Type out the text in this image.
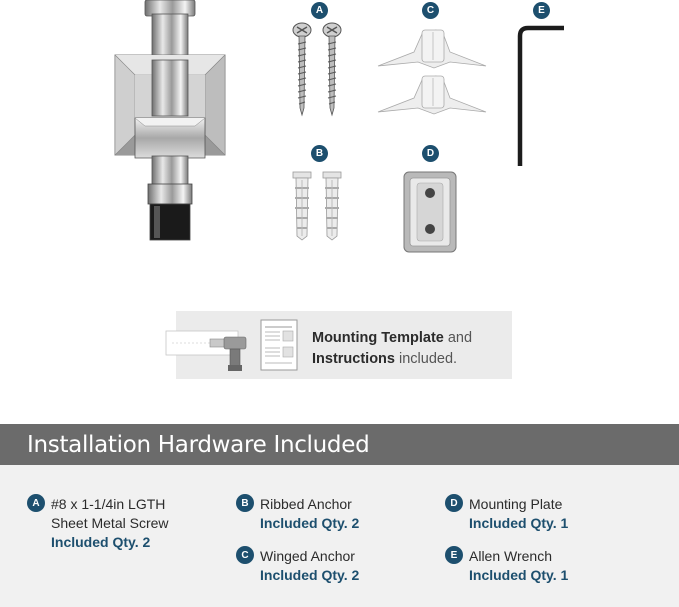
A
B
C
D
E
Mounting Template and
Instructions included.
Installation Hardware Included
A #8 x 1-1/4in LGTH
Sheet Metal Screw
Included Qty. 2
B Ribbed Anchor
Included Qty. 2
C Winged Anchor
Included Qty. 2
D Mounting Plate
Included Qty. 1
E Allen Wrench
Included Qty. 1
